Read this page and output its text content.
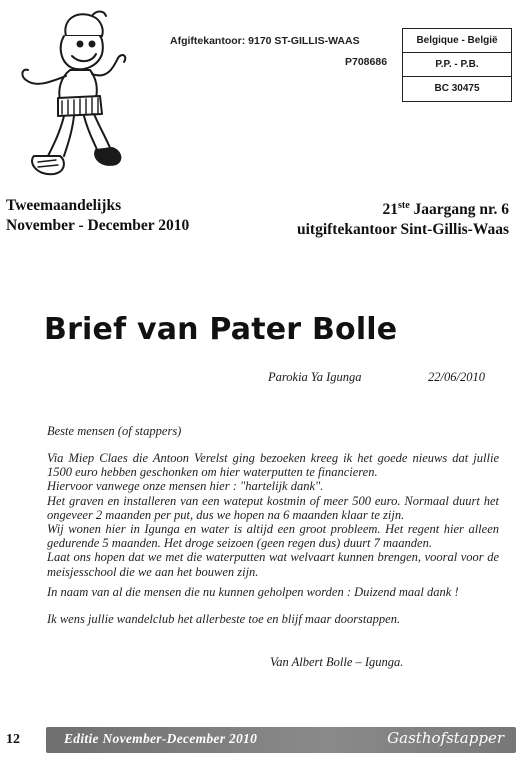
Afgiftekantoor: 9170 ST-GILLIS-WAAS
P708686
Belgique - België
P.P. - P.B.
BC 30475
Tweemaandelijks
November - December 2010
21ste Jaargang nr. 6
uitgiftekantoor Sint-Gillis-Waas
Brief van Pater Bolle
Parokia Ya Igunga	22/06/2010

Beste mensen (of stappers)

Via Miep Claes die Antoon Verelst ging bezoeken kreeg ik het goede nieuws dat jullie 1500 euro hebben geschonken om hier waterputten te financieren.

Hiervoor vanwege onze mensen hier : "hartelijk dank".

Het graven en installeren van een wateput kostmin of meer 500 euro. Normaal duurt het ongeveer 2 maanden per put, dus we hopen na 6 maanden klaar te zijn.

Wij wonen hier in Igunga en water is altijd een groot probleem. Het regent hier alleen gedurende 5 maanden. Het droge seizoen (geen regen dus) duurt 7 maanden.

Laat ons hopen dat we met die waterputten wat welvaart kunnen brengen, vooral voor de meisjesschool die we aan het bouwen zijn.

In naam van al die mensen die nu kunnen geholpen worden : Duizend maal dank !

Ik wens jullie wandelclub het allerbeste toe en blijf maar doorstappen.

Van Albert Bolle – Igunga.
12	Editie November-December 2010	Gasthofstapper
